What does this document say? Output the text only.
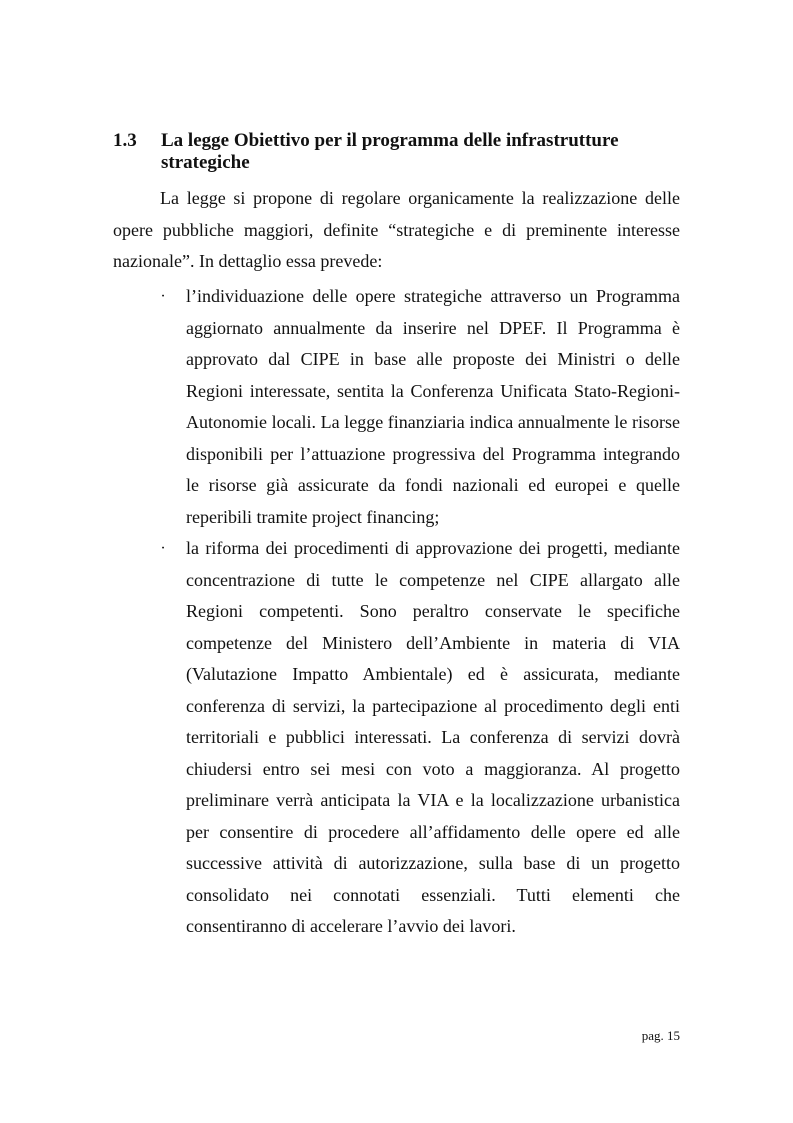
1.3	La legge Obiettivo per il programma delle infrastrutture strategiche

La legge si propone di regolare organicamente la realizzazione delle opere pubbliche maggiori, definite “strategiche e di preminente interesse nazionale”. In dettaglio essa prevede:

· l’individuazione delle opere strategiche attraverso un Programma aggiornato annualmente da inserire nel DPEF. Il Programma è approvato dal CIPE in base alle proposte dei Ministri o delle Regioni interessate, sentita la Conferenza Unificata Stato-Regioni-Autonomie locali. La legge finanziaria indica annualmente le risorse disponibili per l’attuazione progressiva del Programma integrando le risorse già assicurate da fondi nazionali ed europei e quelle reperibili tramite project financing;
· la riforma dei procedimenti di approvazione dei progetti, mediante concentrazione di tutte le competenze nel CIPE allargato alle Regioni competenti. Sono peraltro conservate le specifiche competenze del Ministero dell’Ambiente in materia di VIA (Valutazione Impatto Ambientale) ed è assicurata, mediante conferenza di servizi, la partecipazione al procedimento degli enti territoriali e pubblici interessati. La conferenza di servizi dovrà chiudersi entro sei mesi con voto a maggioranza. Al progetto preliminare verrà anticipata la VIA e la localizzazione urbanistica per consentire di procedere all’affidamento delle opere ed alle successive attività di autorizzazione, sulla base di un progetto consolidato nei connotati essenziali. Tutti elementi che consentiranno di accelerare l’avvio dei lavori.
pag. 15
